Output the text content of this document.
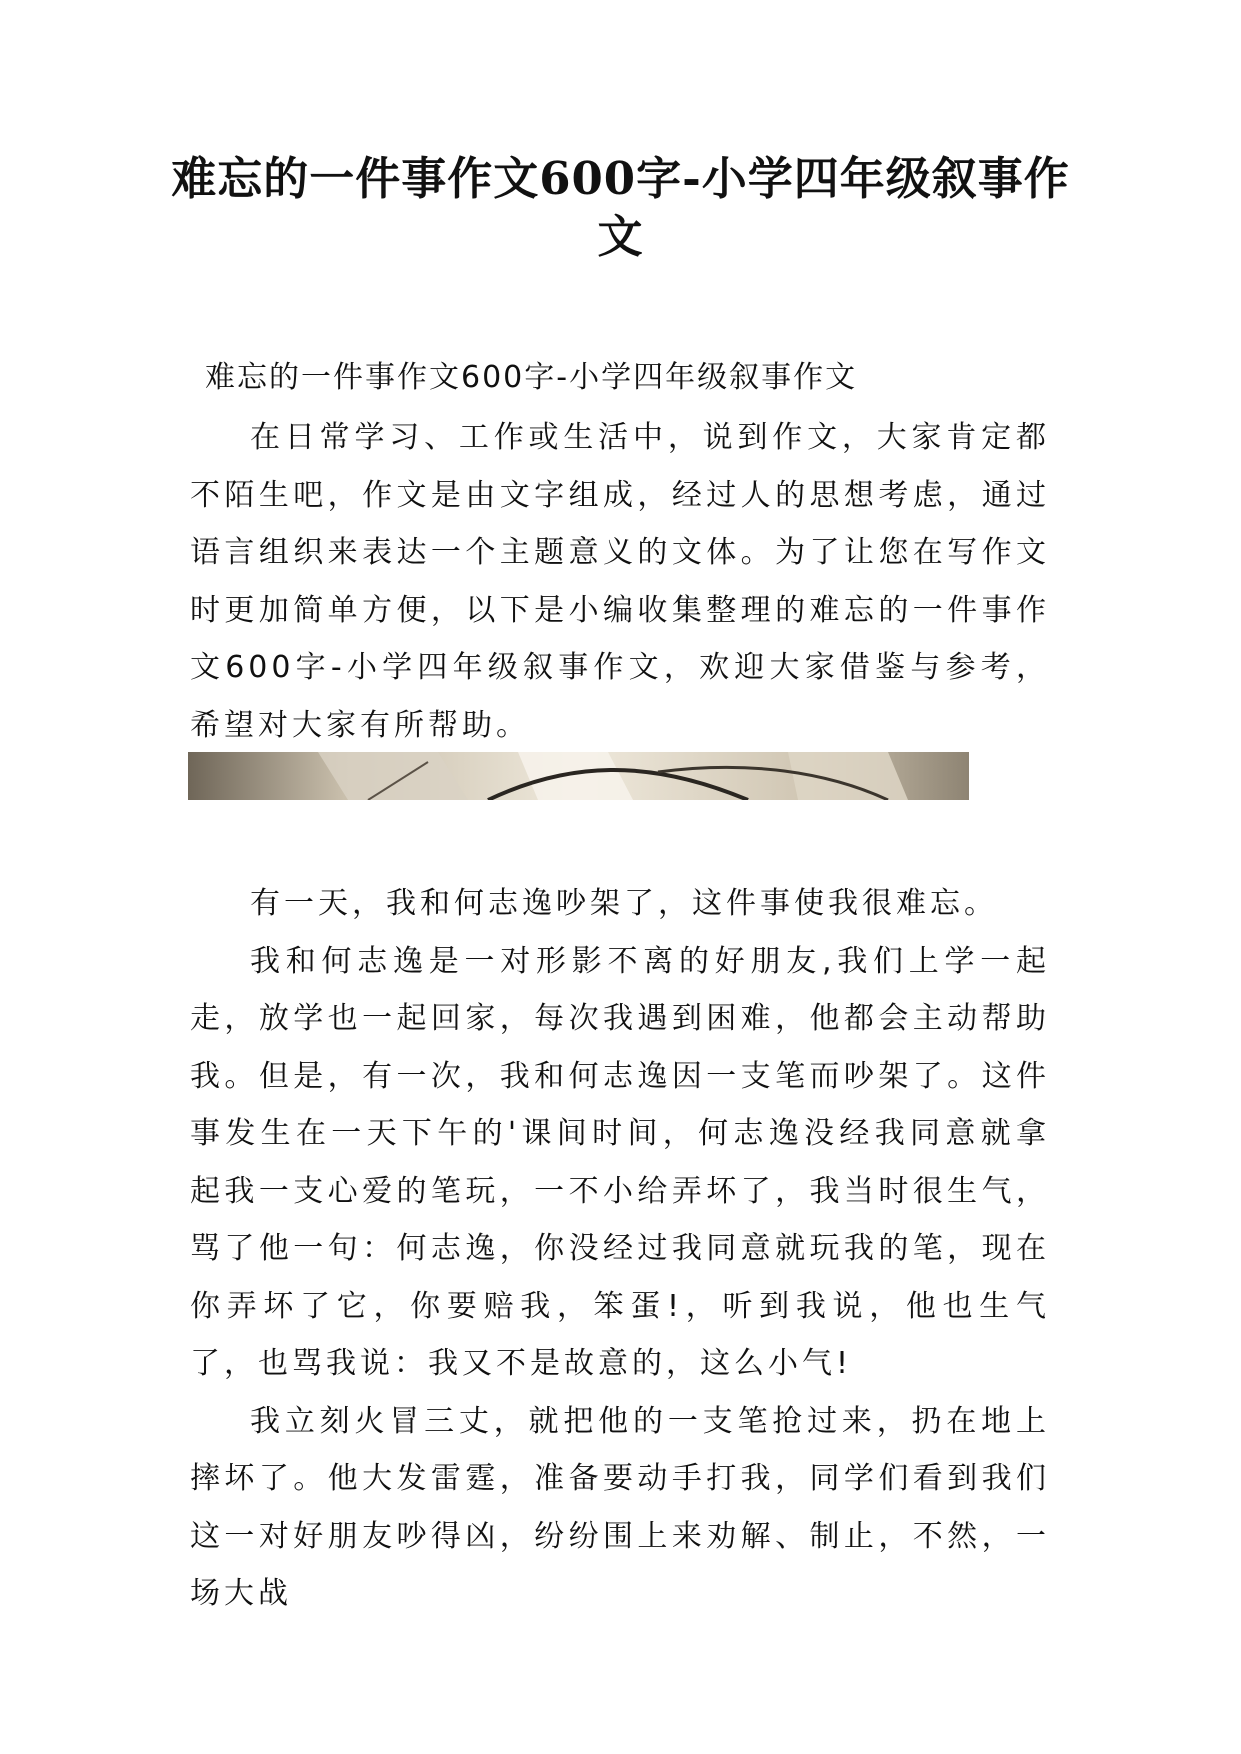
难忘的一件事作文600字-小学四年级叙事作文
难忘的一件事作文600字-小学四年级叙事作文

在日常学习、工作或生活中，说到作文，大家肯定都不陌生吧，作文是由文字组成，经过人的思想考虑，通过语言组织来表达一个主题意义的文体。为了让您在写作文时更加简单方便，以下是小编收集整理的难忘的一件事作文600字-小学四年级叙事作文，欢迎大家借鉴与参考，希望对大家有所帮助。

有一天，我和何志逸吵架了，这件事使我很难忘。

我和何志逸是一对形影不离的好朋友,我们上学一起走，放学也一起回家，每次我遇到困难，他都会主动帮助我。但是，有一次，我和何志逸因一支笔而吵架了。这件事发生在一天下午的'课间时间，何志逸没经我同意就拿起我一支心爱的笔玩，一不小给弄坏了，我当时很生气，骂了他一句：何志逸，你没经过我同意就玩我的笔，现在你弄坏了它，你要赔我，笨蛋!，听到我说，他也生气了，也骂我说：我又不是故意的，这么小气!

我立刻火冒三丈，就把他的一支笔抢过来，扔在地上摔坏了。他大发雷霆，准备要动手打我，同学们看到我们这一对好朋友吵得凶，纷纷围上来劝解、制止，不然，一场大战
